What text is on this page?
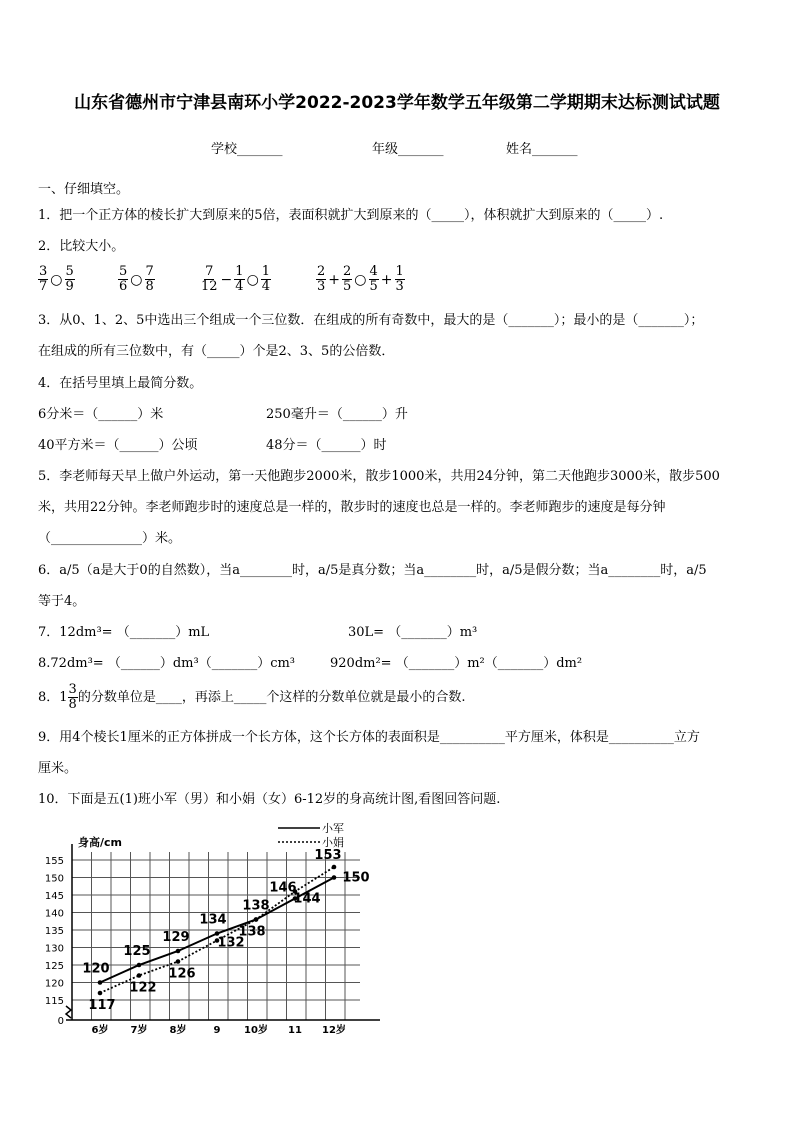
山东省德州市宁津县南环小学2022-2023学年数学五年级第二学期期末达标测试试题
学校_______	年级_______	姓名_______
一、仔细填空。
1．把一个正方体的棱长扩大到原来的5倍，表面积就扩大到原来的（_____），体积就扩大到原来的（_____）.
2．比较大小。
$\frac{3}{7}$ ○ $\frac{5}{9}$	$\frac{5}{6}$ ○ $\frac{7}{8}$	$\frac{7}{12} - \frac{1}{4}$ ○ $\frac{1}{4}$	$\frac{2}{3} + \frac{2}{5}$ ○ $\frac{4}{5} + \frac{1}{3}$
3．从0、1、2、5中选出三个组成一个三位数．在组成的所有奇数中，最大的是（_______）；最小的是（_______）；
在组成的所有三位数中，有（_____）个是2、3、5的公倍数．
4．在括号里填上最简分数。
6分米＝（______）米	250毫升＝（______）升
40平方米＝（______）公顷	48分＝（______）时
5．李老师每天早上做户外运动，第一天他跑步2000米，散步1000米，共用24分钟，第二天他跑步3000米，散步500
米，共用22分钟。李老师跑步时的速度总是一样的，散步时的速度也总是一样的。李老师跑步的速度是每分钟
（______________）米。
6．a/5（a是大于0的自然数），当a________时，a/5是真分数；当a________时，a/5是假分数；当a________时，a/5
等于4。
7．12dm³= （_______）mL	30L= （_______）m³
8.72dm³= （______）dm³（_______）cm³	920dm²= （_______）m²（_______）dm²
8．$1 \frac{3}{8}$ 的分数单位是____，再添上_____个这样的分数单位就是最小的合数.
9．用4个棱长1厘米的正方体拼成一个长方体，这个长方体的表面积是__________平方厘米，体积是__________立方
厘米。
10．下面是五(1)班小军（男）和小娟（女）6-12岁的身高统计图,看图回答问题.
身高/cm
0
115
120
125
130
135
140
145
150
155
6岁 7岁 8岁	9 10岁 11 12岁
120
125
129
134
138 144
150
117
122
126
132
138
146
153
小军
小娟
